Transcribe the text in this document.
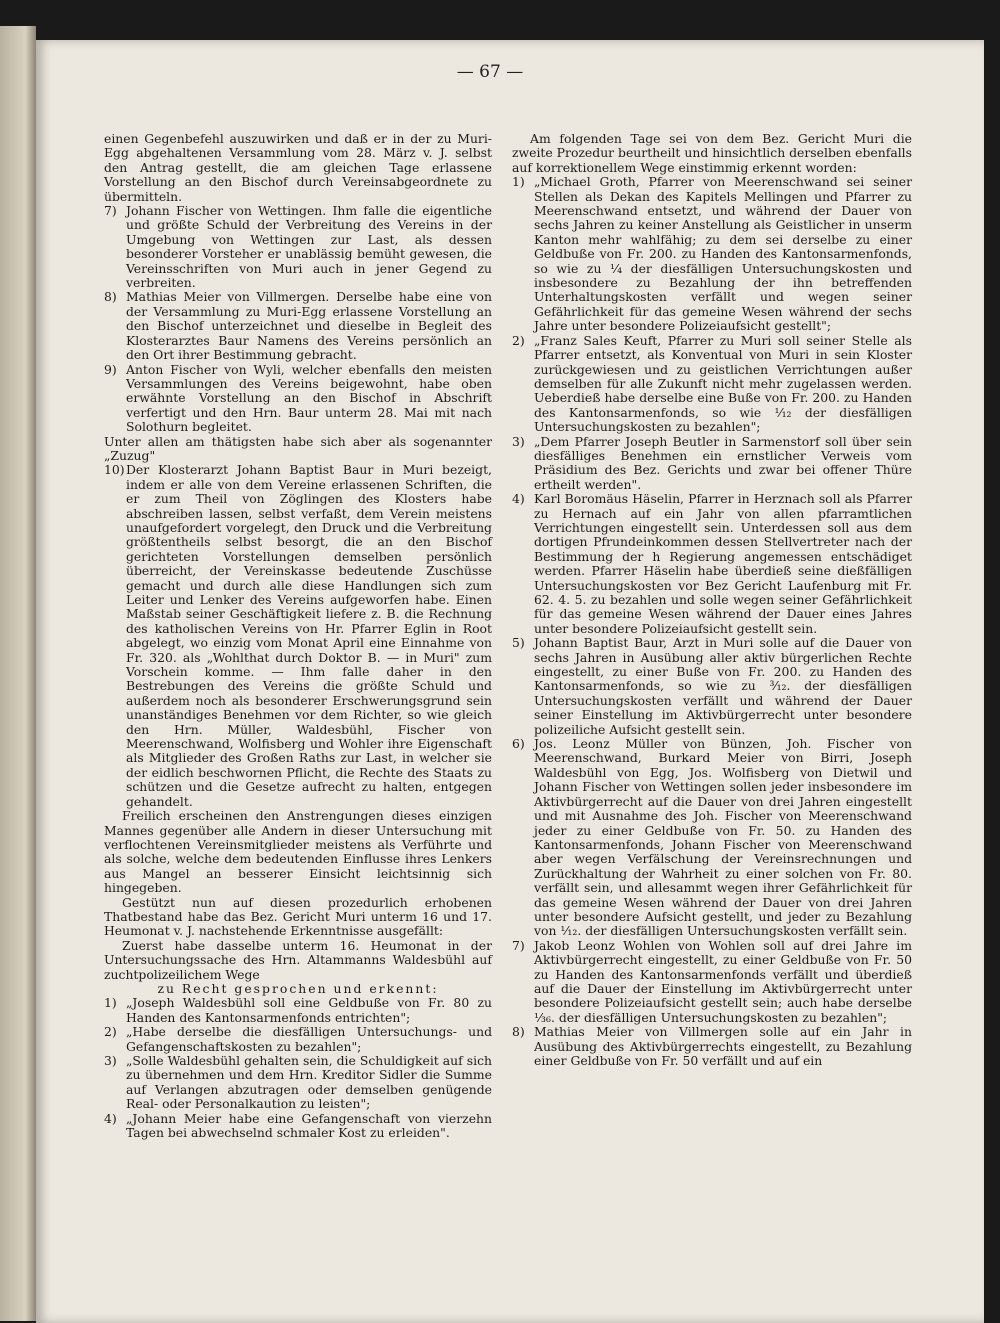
— 67 —

einen Gegenbefehl auszuwirken und daß er in der zu Muri-Egg abgehaltenen Versammlung vom 28. März v. J. selbst den Antrag gestellt, die am gleichen Tage erlassene Vorstellung an den Bischof durch Vereinsabgeordnete zu übermitteln.

7) Johann Fischer von Wettingen. Ihm falle die eigentliche und größte Schuld der Verbreitung des Vereins in der Umgebung von Wettingen zur Last, als dessen besonderer Vorsteher er unablässig bemüht gewesen, die Vereinsschriften von Muri auch in jener Gegend zu verbreiten.
8) Mathias Meier von Villmergen. Derselbe habe eine von der Versammlung zu Muri-Egg erlassene Vorstellung an den Bischof unterzeichnet und dieselbe in Begleit des Klosterarztes Baur Namens des Vereins persönlich an den Ort ihrer Bestimmung gebracht.
9) Anton Fischer von Wyli, welcher ebenfalls den meisten Versammlungen des Vereins beigewohnt, habe oben erwähnte Vorstellung an den Bischof in Abschrift verfertigt und den Hrn. Baur unterm 28. Mai mit nach Solothurn begleitet.

Unter allen am thätigsten habe sich aber als sogenannter „Zuzug"

10) Der Klosterarzt Johann Baptist Baur in Muri bezeigt, indem er alle von dem Vereine erlassenen Schriften, die er zum Theil von Zöglingen des Klosters habe abschreiben lassen, selbst verfaßt, dem Verein meistens unaufgefordert vorgelegt, den Druck und die Verbreitung größtentheils selbst besorgt, die an den Bischof gerichteten Vorstellungen demselben persönlich überreicht, der Vereinskasse bedeutende Zuschüsse gemacht und durch alle diese Handlungen sich zum Leiter und Lenker des Vereins aufgeworfen habe. Einen Maßstab seiner Geschäftigkeit liefere z. B. die Rechnung des katholischen Vereins von Hr. Pfarrer Eglin in Root abgelegt, wo einzig vom Monat April eine Einnahme von Fr. 320. als „Wohlthat durch Doktor B. — in Muri" zum Vorschein komme. — Ihm falle daher in den Bestrebungen des Vereins die größte Schuld und außerdem noch als besonderer Erschwerungsgrund sein unanständiges Benehmen vor dem Richter, so wie gleich den Hrn. Müller, Waldesbühl, Fischer von Meerenschwand, Wolfisberg und Wohler ihre Eigenschaft als Mitglieder des Großen Raths zur Last, in welcher sie der eidlich beschwornen Pflicht, die Rechte des Staats zu schützen und die Gesetze aufrecht zu halten, entgegen gehandelt.

Freilich erscheinen den Anstrengungen dieses einzigen Mannes gegenüber alle Andern in dieser Untersuchung mit verflochtenen Vereinsmitglieder meistens als Verführte und als solche, welche dem bedeutenden Einflusse ihres Lenkers aus Mangel an besserer Einsicht leichtsinnig sich hingegeben.

Gestützt nun auf diesen prozedurlich erhobenen Thatbestand habe das Bez. Gericht Muri unterm 16 und 17. Heumonat v. J. nachstehende Erkenntnisse ausgefällt:

Zuerst habe dasselbe unterm 16. Heumonat in der Untersuchungssache des Hrn. Altammanns Waldesbühl auf zuchtpolizeilichem Wege

zu Recht gesprochen und erkennt:

1) „Joseph Waldesbühl soll eine Geldbuße von Fr. 80 zu Handen des Kantonsarmenfonds entrichten";
2) „Habe derselbe die diesfälligen Untersuchungs- und Gefangenschaftskosten zu bezahlen";
3) „Solle Waldesbühl gehalten sein, die Schuldigkeit auf sich zu übernehmen und dem Hrn. Kreditor Sidler die Summe auf Verlangen abzutragen oder demselben genügende Real- oder Personalkaution zu leisten";
4) „Johann Meier habe eine Gefangenschaft von vierzehn Tagen bei abwechselnd schmaler Kost zu erleiden".

Am folgenden Tage sei von dem Bez. Gericht Muri die zweite Prozedur beurtheilt und hinsichtlich derselben ebenfalls auf korrektionellem Wege einstimmig erkennt worden:

1) „Michael Groth, Pfarrer von Meerenschwand sei seiner Stellen als Dekan des Kapitels Mellingen und Pfarrer zu Meerenschwand entsetzt, und während der Dauer von sechs Jahren zu keiner Anstellung als Geistlicher in unserm Kanton mehr wahlfähig; zu dem sei derselbe zu einer Geldbuße von Fr. 200. zu Handen des Kantonsarmenfonds, so wie zu ⅟₄ der diesfälligen Untersuchungskosten und insbesondere zu Bezahlung der ihn betreffenden Unterhaltungskosten verfällt und wegen seiner Gefährlichkeit für das gemeine Wesen während der sechs Jahre unter besondere Polizeiaufsicht gestellt";
2) „Franz Sales Keuft, Pfarrer zu Muri soll seiner Stelle als Pfarrer entsetzt, als Konventual von Muri in sein Kloster zurückgewiesen und zu geistlichen Verrichtungen außer demselben für alle Zukunft nicht mehr zugelassen werden. Ueberdieß habe derselbe eine Buße von Fr. 200. zu Handen des Kantonsarmenfonds, so wie ⅟₁₂ der diesfälligen Untersuchungskosten zu bezahlen";
3) „Dem Pfarrer Joseph Beutler in Sarmenstorf soll über sein diesfälliges Benehmen ein ernstlicher Verweis vom Präsidium des Bez. Gerichts und zwar bei offener Thüre ertheilt werden".
4) Karl Boromäus Häselin, Pfarrer in Herznach soll als Pfarrer zu Hernach auf ein Jahr von allen pfarramtlichen Verrichtungen eingestellt sein. Unterdessen soll aus dem dortigen Pfrundeinkommen dessen Stellvertreter nach der Bestimmung der h Regierung angemessen entschädiget werden. Pfarrer Häselin habe überdieß seine dießfälligen Untersuchungskosten vor Bez Gericht Laufenburg mit Fr. 62. 4. 5. zu bezahlen und solle wegen seiner Gefährlichkeit für das gemeine Wesen während der Dauer eines Jahres unter besondere Polizeiaufsicht gestellt sein.
5) Johann Baptist Baur, Arzt in Muri solle auf die Dauer von sechs Jahren in Ausübung aller aktiv bürgerlichen Rechte eingestellt, zu einer Buße von Fr. 200. zu Handen des Kantonsarmenfonds, so wie zu ³⁄₁₂. der diesfälligen Untersuchungskosten verfällt und während der Dauer seiner Einstellung im Aktivbürgerrecht unter besondere polizeiliche Aufsicht gestellt sein.
6) Jos. Leonz Müller von Bünzen, Joh. Fischer von Meerenschwand, Burkard Meier von Birri, Joseph Waldesbühl von Egg, Jos. Wolfisberg von Dietwil und Johann Fischer von Wettingen sollen jeder insbesondere im Aktivbürgerrecht auf die Dauer von drei Jahren eingestellt und mit Ausnahme des Joh. Fischer von Meerenschwand jeder zu einer Geldbuße von Fr. 50. zu Handen des Kantonsarmenfonds, Johann Fischer von Meerenschwand aber wegen Verfälschung der Vereinsrechnungen und Zurückhaltung der Wahrheit zu einer solchen von Fr. 80. verfällt sein, und allesammt wegen ihrer Gefährlichkeit für das gemeine Wesen während der Dauer von drei Jahren unter besondere Aufsicht gestellt, und jeder zu Bezahlung von ⅟₁₂. der diesfälligen Untersuchungskosten verfällt sein.
7) Jakob Leonz Wohlen von Wohlen soll auf drei Jahre im Aktivbürgerrecht eingestellt, zu einer Geldbuße von Fr. 50 zu Handen des Kantonsarmenfonds verfällt und überdieß auf die Dauer der Einstellung im Aktivbürgerrecht unter besondere Polizeiaufsicht gestellt sein; auch habe derselbe ⅟₃₆. der diesfälligen Untersuchungskosten zu bezahlen";
8) Mathias Meier von Villmergen solle auf ein Jahr in Ausübung des Aktivbürgerrechts eingestellt, zu Bezahlung einer Geldbuße von Fr. 50 verfällt und auf ein
